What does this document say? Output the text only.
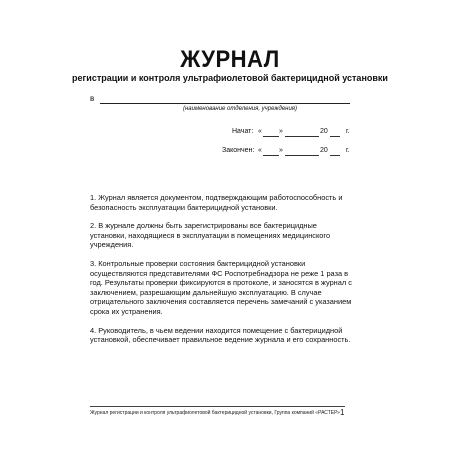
ЖУРНАЛ
регистрации и контроля ультрафиолетовой бактерицидной установки
в
(наименование отделения, учреждения)
Начат: « »	20	г.
Закончен: « »	20	г.

1. Журнал является документом, подтверждающим работоспособность и безопасность эксплуатации бактерицидной установки.

2. В журнале должны быть зарегистрированы все бактерицидные установки, находящиеся в эксплуатации в помещениях медицинского учреждения.

3. Контрольные проверки состояния бактерицидной установки осуществляются представителями ФС Роспотребнадзора не реже 1 раза в год. Результаты проверки фиксируются в протоколе, и заносятся в журнал с заключением, разрешающим дальнейшую эксплуатацию. В случае отрицательного заключения составляется перечень замечаний с указанием срока их устранения.

4. Руководитель, в чьем ведении находится помещение с бактерицидной установкой, обеспечивает правильное ведение журнала и его сохранность.

Журнал регистрации и контроля ультрафиолетовой бактерицидной установки, Группа компаний «РАСТЕР» 1
